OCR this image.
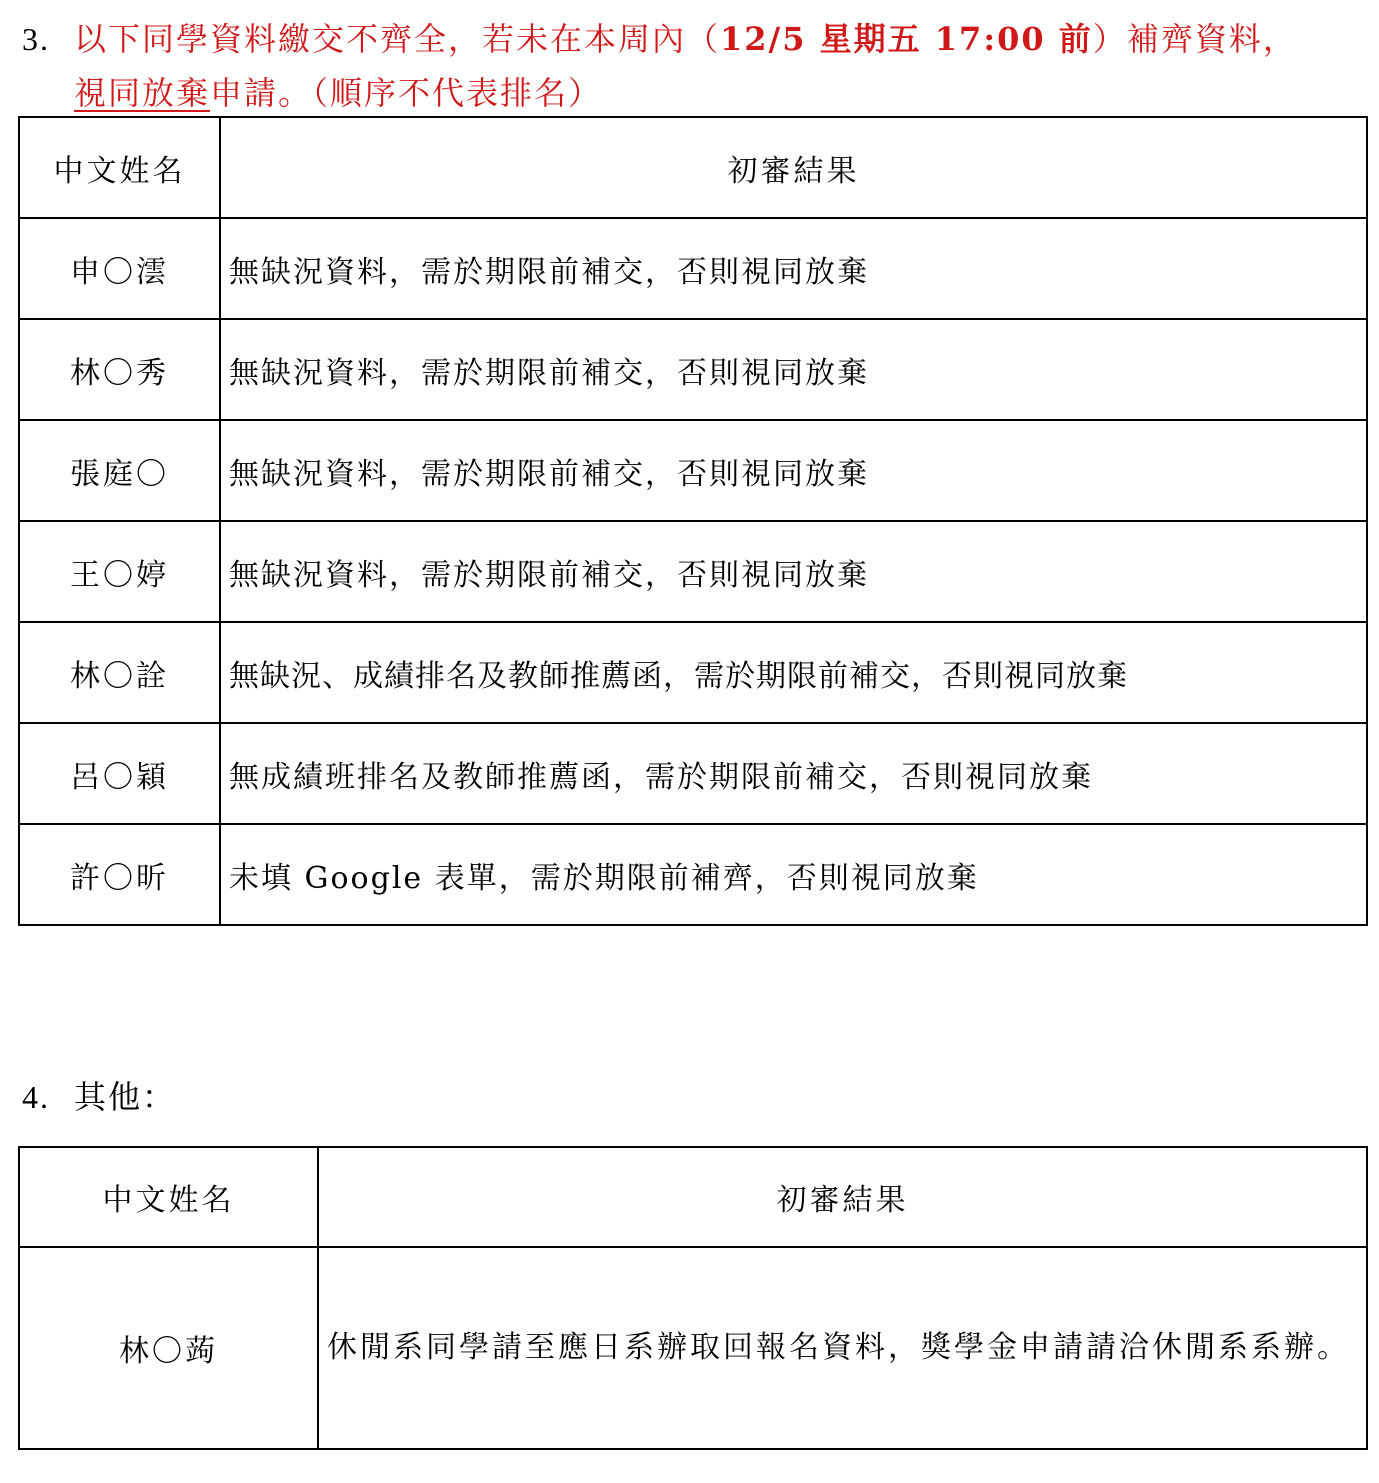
3. 以下同學資料繳交不齊全，若未在本周內（12/5 星期五 17:00 前）補齊資料，
視同放棄申請。（順序不代表排名）
中文姓名	初審結果
申〇澐	無缺況資料，需於期限前補交，否則視同放棄
林〇秀	無缺況資料，需於期限前補交，否則視同放棄
張庭〇	無缺況資料，需於期限前補交，否則視同放棄
王〇婷	無缺況資料，需於期限前補交，否則視同放棄
林〇詮	無缺況、成績排名及教師推薦函，需於期限前補交，否則視同放棄
呂〇穎	無成績班排名及教師推薦函，需於期限前補交，否則視同放棄
許〇昕	未填 Google 表單，需於期限前補齊，否則視同放棄
4. 其他：
中文姓名	初審結果
林〇蒟	休閒系同學請至應日系辦取回報名資料，獎學金申請請洽休閒系系辦。
